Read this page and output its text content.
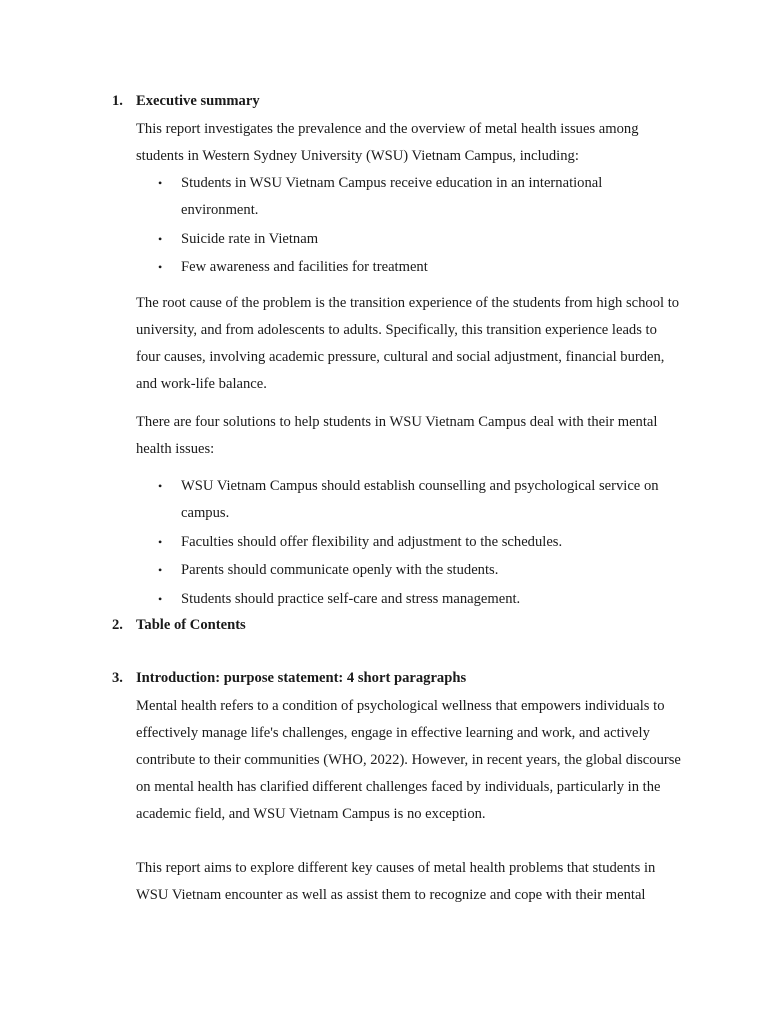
1. Executive summary

This report investigates the prevalence and the overview of metal health issues among students in Western Sydney University (WSU) Vietnam Campus, including:

• Students in WSU Vietnam Campus receive education in an international environment.
• Suicide rate in Vietnam
• Few awareness and facilities for treatment

The root cause of the problem is the transition experience of the students from high school to university, and from adolescents to adults. Specifically, this transition experience leads to four causes, involving academic pressure, cultural and social adjustment, financial burden, and work-life balance.

There are four solutions to help students in WSU Vietnam Campus deal with their mental health issues:

• WSU Vietnam Campus should establish counselling and psychological service on campus.
• Faculties should offer flexibility and adjustment to the schedules.
• Parents should communicate openly with the students.
• Students should practice self-care and stress management.
2. Table of Contents
3. Introduction: purpose statement: 4 short paragraphs

Mental health refers to a condition of psychological wellness that empowers individuals to effectively manage life's challenges, engage in effective learning and work, and actively contribute to their communities (WHO, 2022). However, in recent years, the global discourse on mental health has clarified different challenges faced by individuals, particularly in the academic field, and WSU Vietnam Campus is no exception.

This report aims to explore different key causes of metal health problems that students in WSU Vietnam encounter as well as assist them to recognize and cope with their mental
